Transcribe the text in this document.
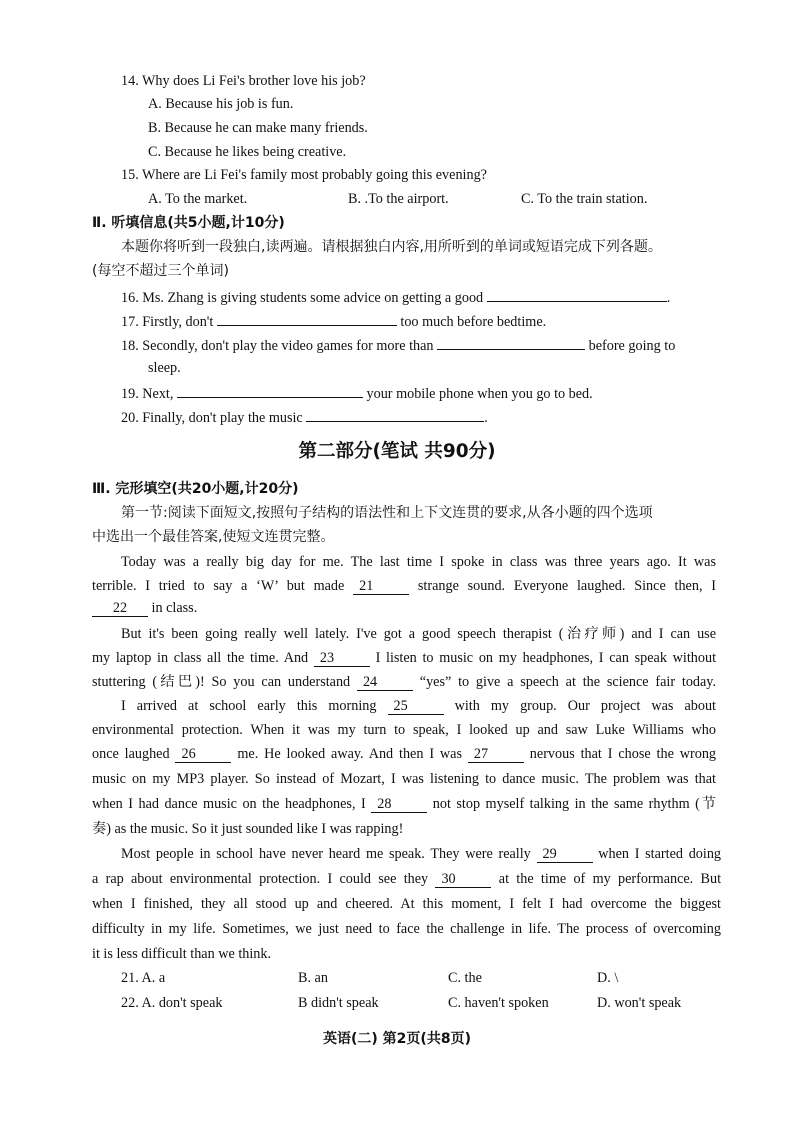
14. Why does Li Fei's brother love his job?
A. Because his job is fun.
B. Because he can make many friends.
C. Because he likes being creative.
15. Where are Li Fei's family most probably going this evening?
A. To the market.	B. .To the airport.	C. To the train station.
Ⅱ. 听填信息(共5小题,计10分)
本题你将听到一段独白,读两遍。请根据独白内容,用所听到的单词或短语完成下列各题。
(每空不超过三个单词)
16. Ms. Zhang is giving students some advice on getting a good	.
17. Firstly, don't	too much before bedtime.
18. Secondly, don't play the video games for more than	before going to
sleep.
19. Next,	your mobile phone when you go to bed.
20. Finally, don't play the music	.
第二部分(笔试 共90分)
Ⅲ. 完形填空(共20小题,计20分)
第一节:阅读下面短文,按照句子结构的语法性和上下文连贯的要求,从各小题的四个选项
中选出一个最佳答案,使短文连贯完整。
Today was a really big day for me. The last time I spoke in class was three years ago. It was
terrible. I tried to say a ‘W’ but made 21	strange sound. Everyone laughed. Since then, I
22 in class.
But it's been going really well lately. I've got a good speech therapist (治疗师) and I can use
my laptop in class all the time. And 23	I listen to music on my headphones, I can speak without
stuttering (结巴)! So you can understand 24	“yes” to give a speech at the science fair today.
I arrived at school early this morning 25	with my group. Our project was about
environmental protection. When it was my turn to speak, I looked up and saw Luke Williams who
once laughed 26	me. He looked away. And then I was 27	nervous that I chose the wrong
music on my MP3 player. So instead of Mozart, I was listening to dance music. The problem was that
when I had dance music on the headphones, I 28	not stop myself talking in the same rhythm (节
奏) as the music. So it just sounded like I was rapping!
Most people in school have never heard me speak. They were really 29	when I started doing
a rap about environmental protection. I could see they 30	at the time of my performance. But
when I finished, they all stood up and cheered. At this moment, I felt I had overcome the biggest
difficulty in my life. Sometimes, we just need to face the challenge in life. The process of overcoming
it is less difficult than we think.
21. A. a	B. an	C. the	D. \
22. A. don't speak	B didn't speak	C. haven't spoken	D. won't speak
英语(二) 第2页(共8页)
